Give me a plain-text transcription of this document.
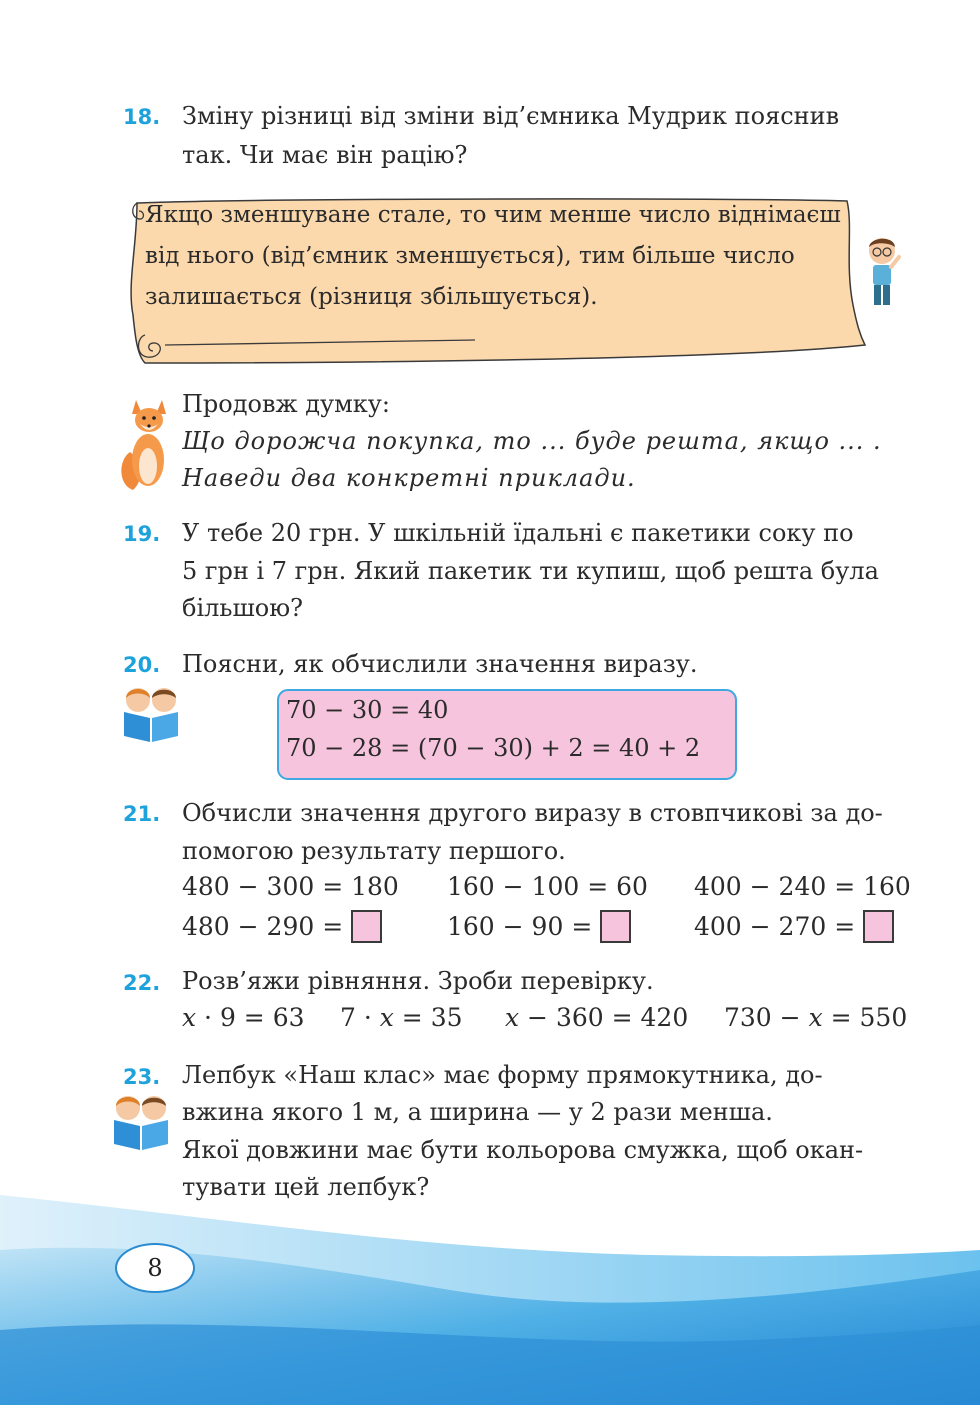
18. Зміну різниці від зміни від’ємника Мудрик пояснив
так. Чи має він рацію?
Якщо зменшуване стале, то чим менше число віднімаєш
від нього (від’ємник зменшується), тим більше число
залишається (різниця збільшується).
Продовж думку:
Що дорожча покупка, то ... буде решта, якщо ... .
Наведи два конкретні приклади.
19. У тебе 20 грн. У шкільній їдальні є пакетики соку по
5 грн і 7 грн. Який пакетик ти купиш, щоб решта була
більшою?
20. Поясни, як обчислили значення виразу.
70 − 30 = 40
70 − 28 = (70 − 30) + 2 = 40 + 2
21. Обчисли значення другого виразу в стовпчикові за до-
помогою результату першого.
480 − 300 = 180 160 − 100 = 60 400 − 240 = 160
480 − 290 =	160 − 90 =	400 − 270 =
22. Розв’яжи рівняння. Зроби перевірку.
x · 9 = 63 7 · x = 35 x − 360 = 420 730 − x = 550
23. Лепбук «Наш клас» має форму прямокутника, до-
вжина якого 1 м, а ширина — у 2 рази менша.
Якої довжини має бути кольорова смужка, щоб окан-
тувати цей лепбук?
8
